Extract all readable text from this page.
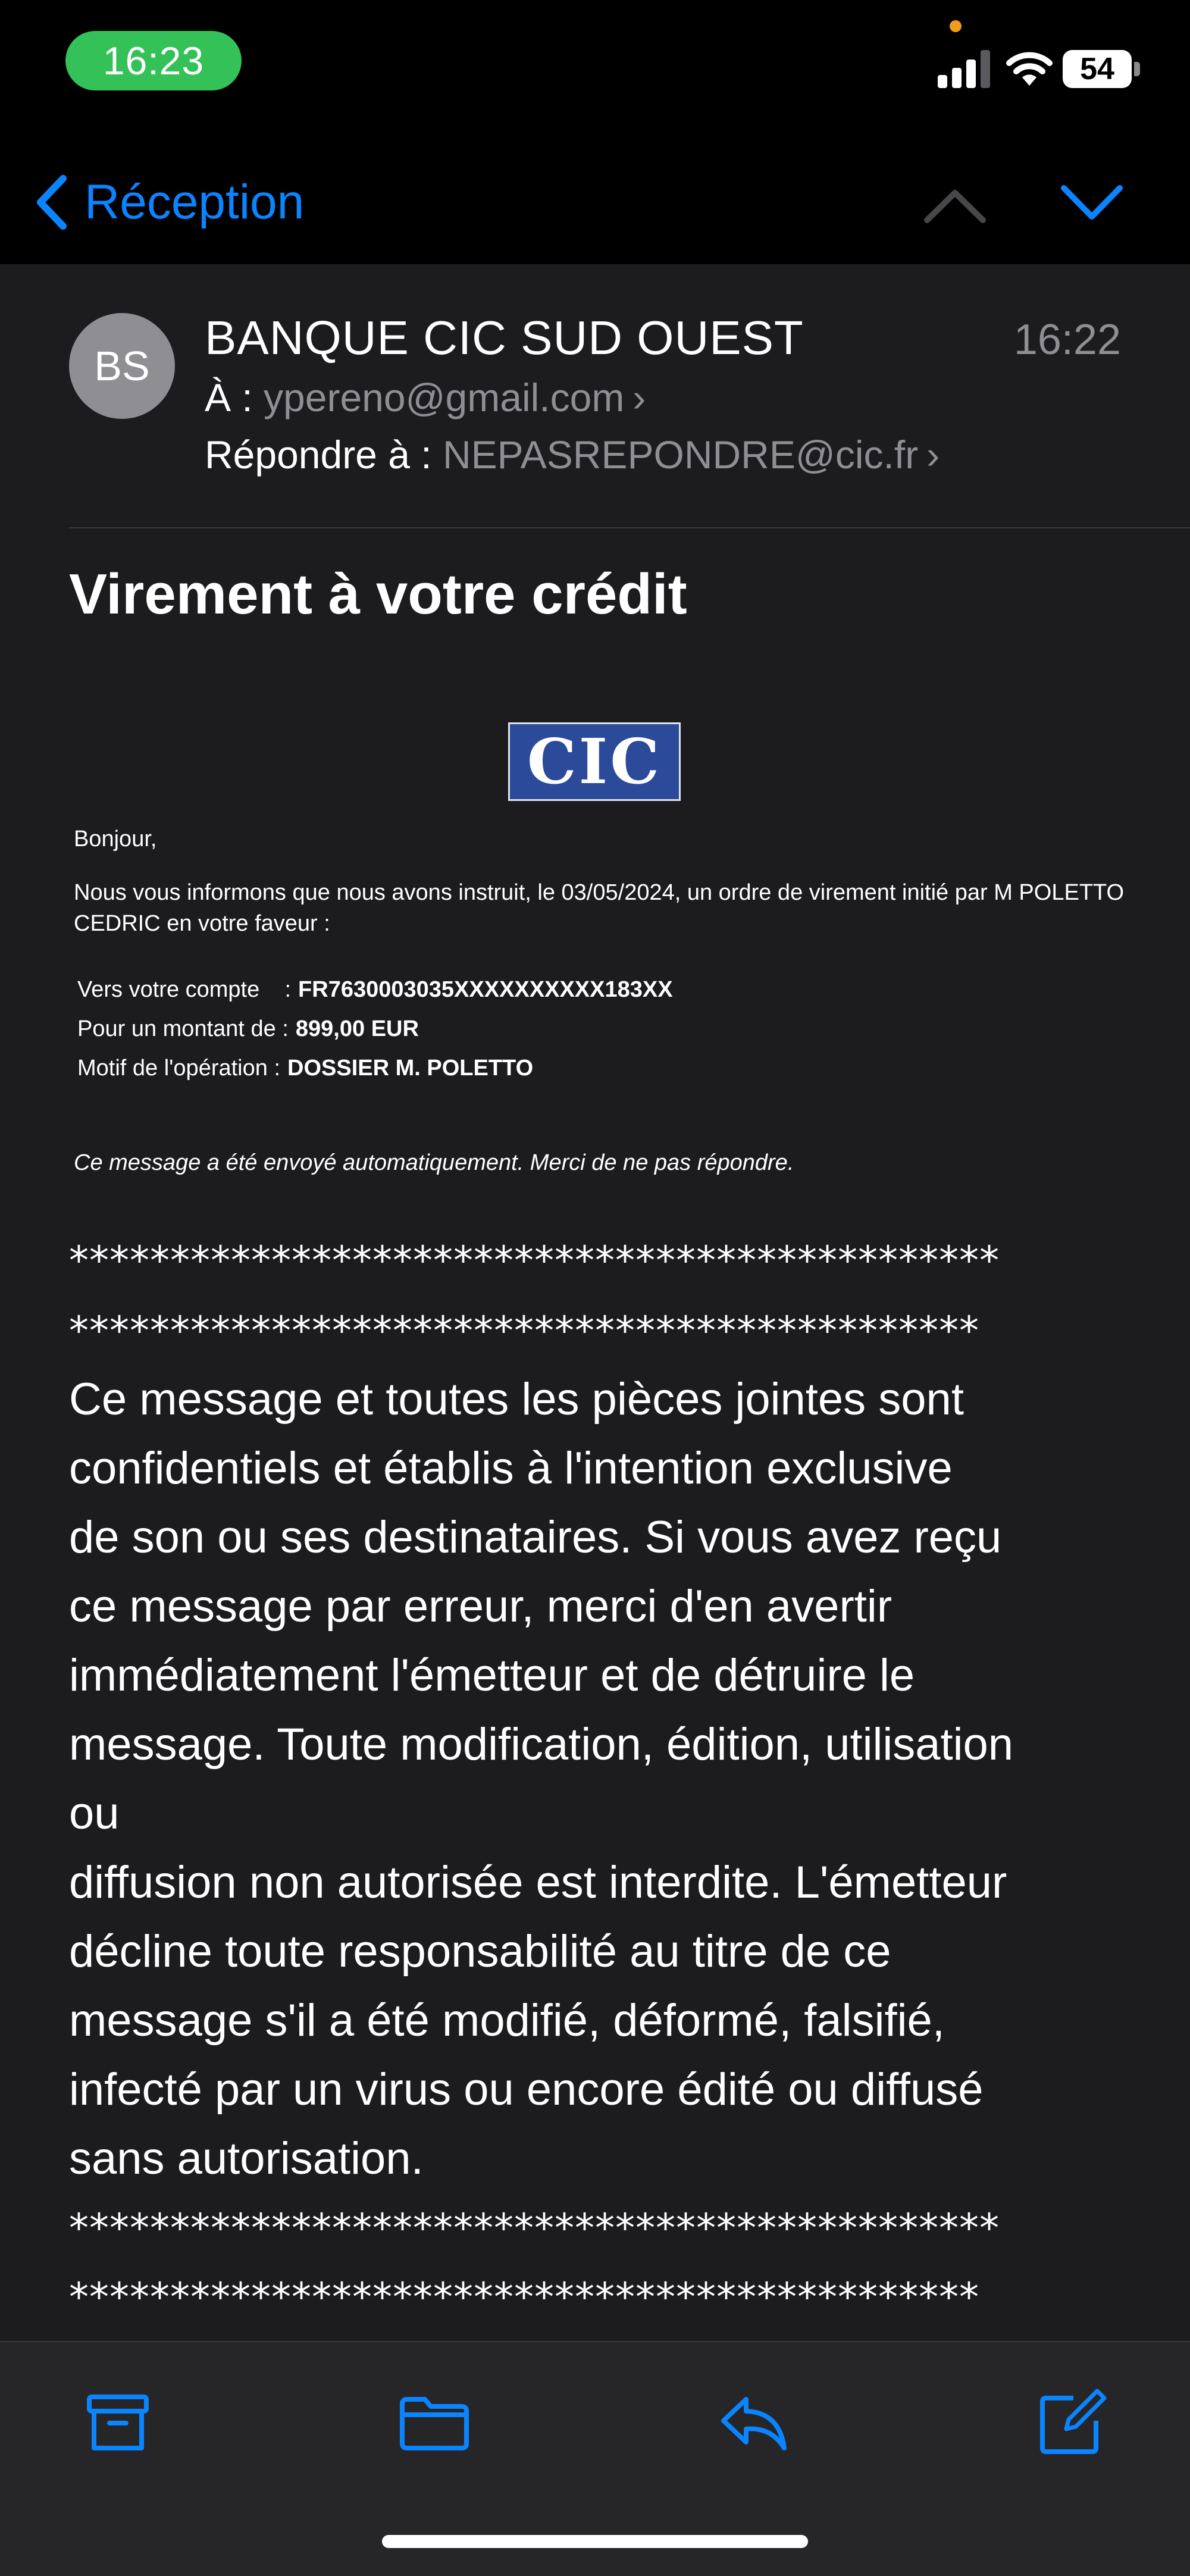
16:23	54
Réception
BS
BANQUE CIC SUD OUEST	16:22
À : ypereno@gmail.com ›
Répondre à : NEPASREPONDRE@cic.fr ›
Virement à votre crédit
CIC
Bonjour,
Nous vous informons que nous avons instruit, le 03/05/2024, un ordre de virement initié par M POLETTO CEDRIC en votre faveur :
Vers votre compte    : FR7630003035XXXXXXXXXX183XX
Pour un montant de : 899,00 EUR
Motif de l'opération : DOSSIER M. POLETTO
Ce message a été envoyé automatiquement. Merci de ne pas répondre.
**********************************************
*********************************************
Ce message et toutes les pièces jointes sont
confidentiels et établis à l'intention exclusive
de son ou ses destinataires. Si vous avez reçu
ce message par erreur, merci d'en avertir
immédiatement l'émetteur et de détruire le
message. Toute modification, édition, utilisation
ou
diffusion non autorisée est interdite. L'émetteur
décline toute responsabilité au titre de ce
message s'il a été modifié, déformé, falsifié,
infecté par un virus ou encore édité ou diffusé
sans autorisation.
**********************************************
*********************************************
